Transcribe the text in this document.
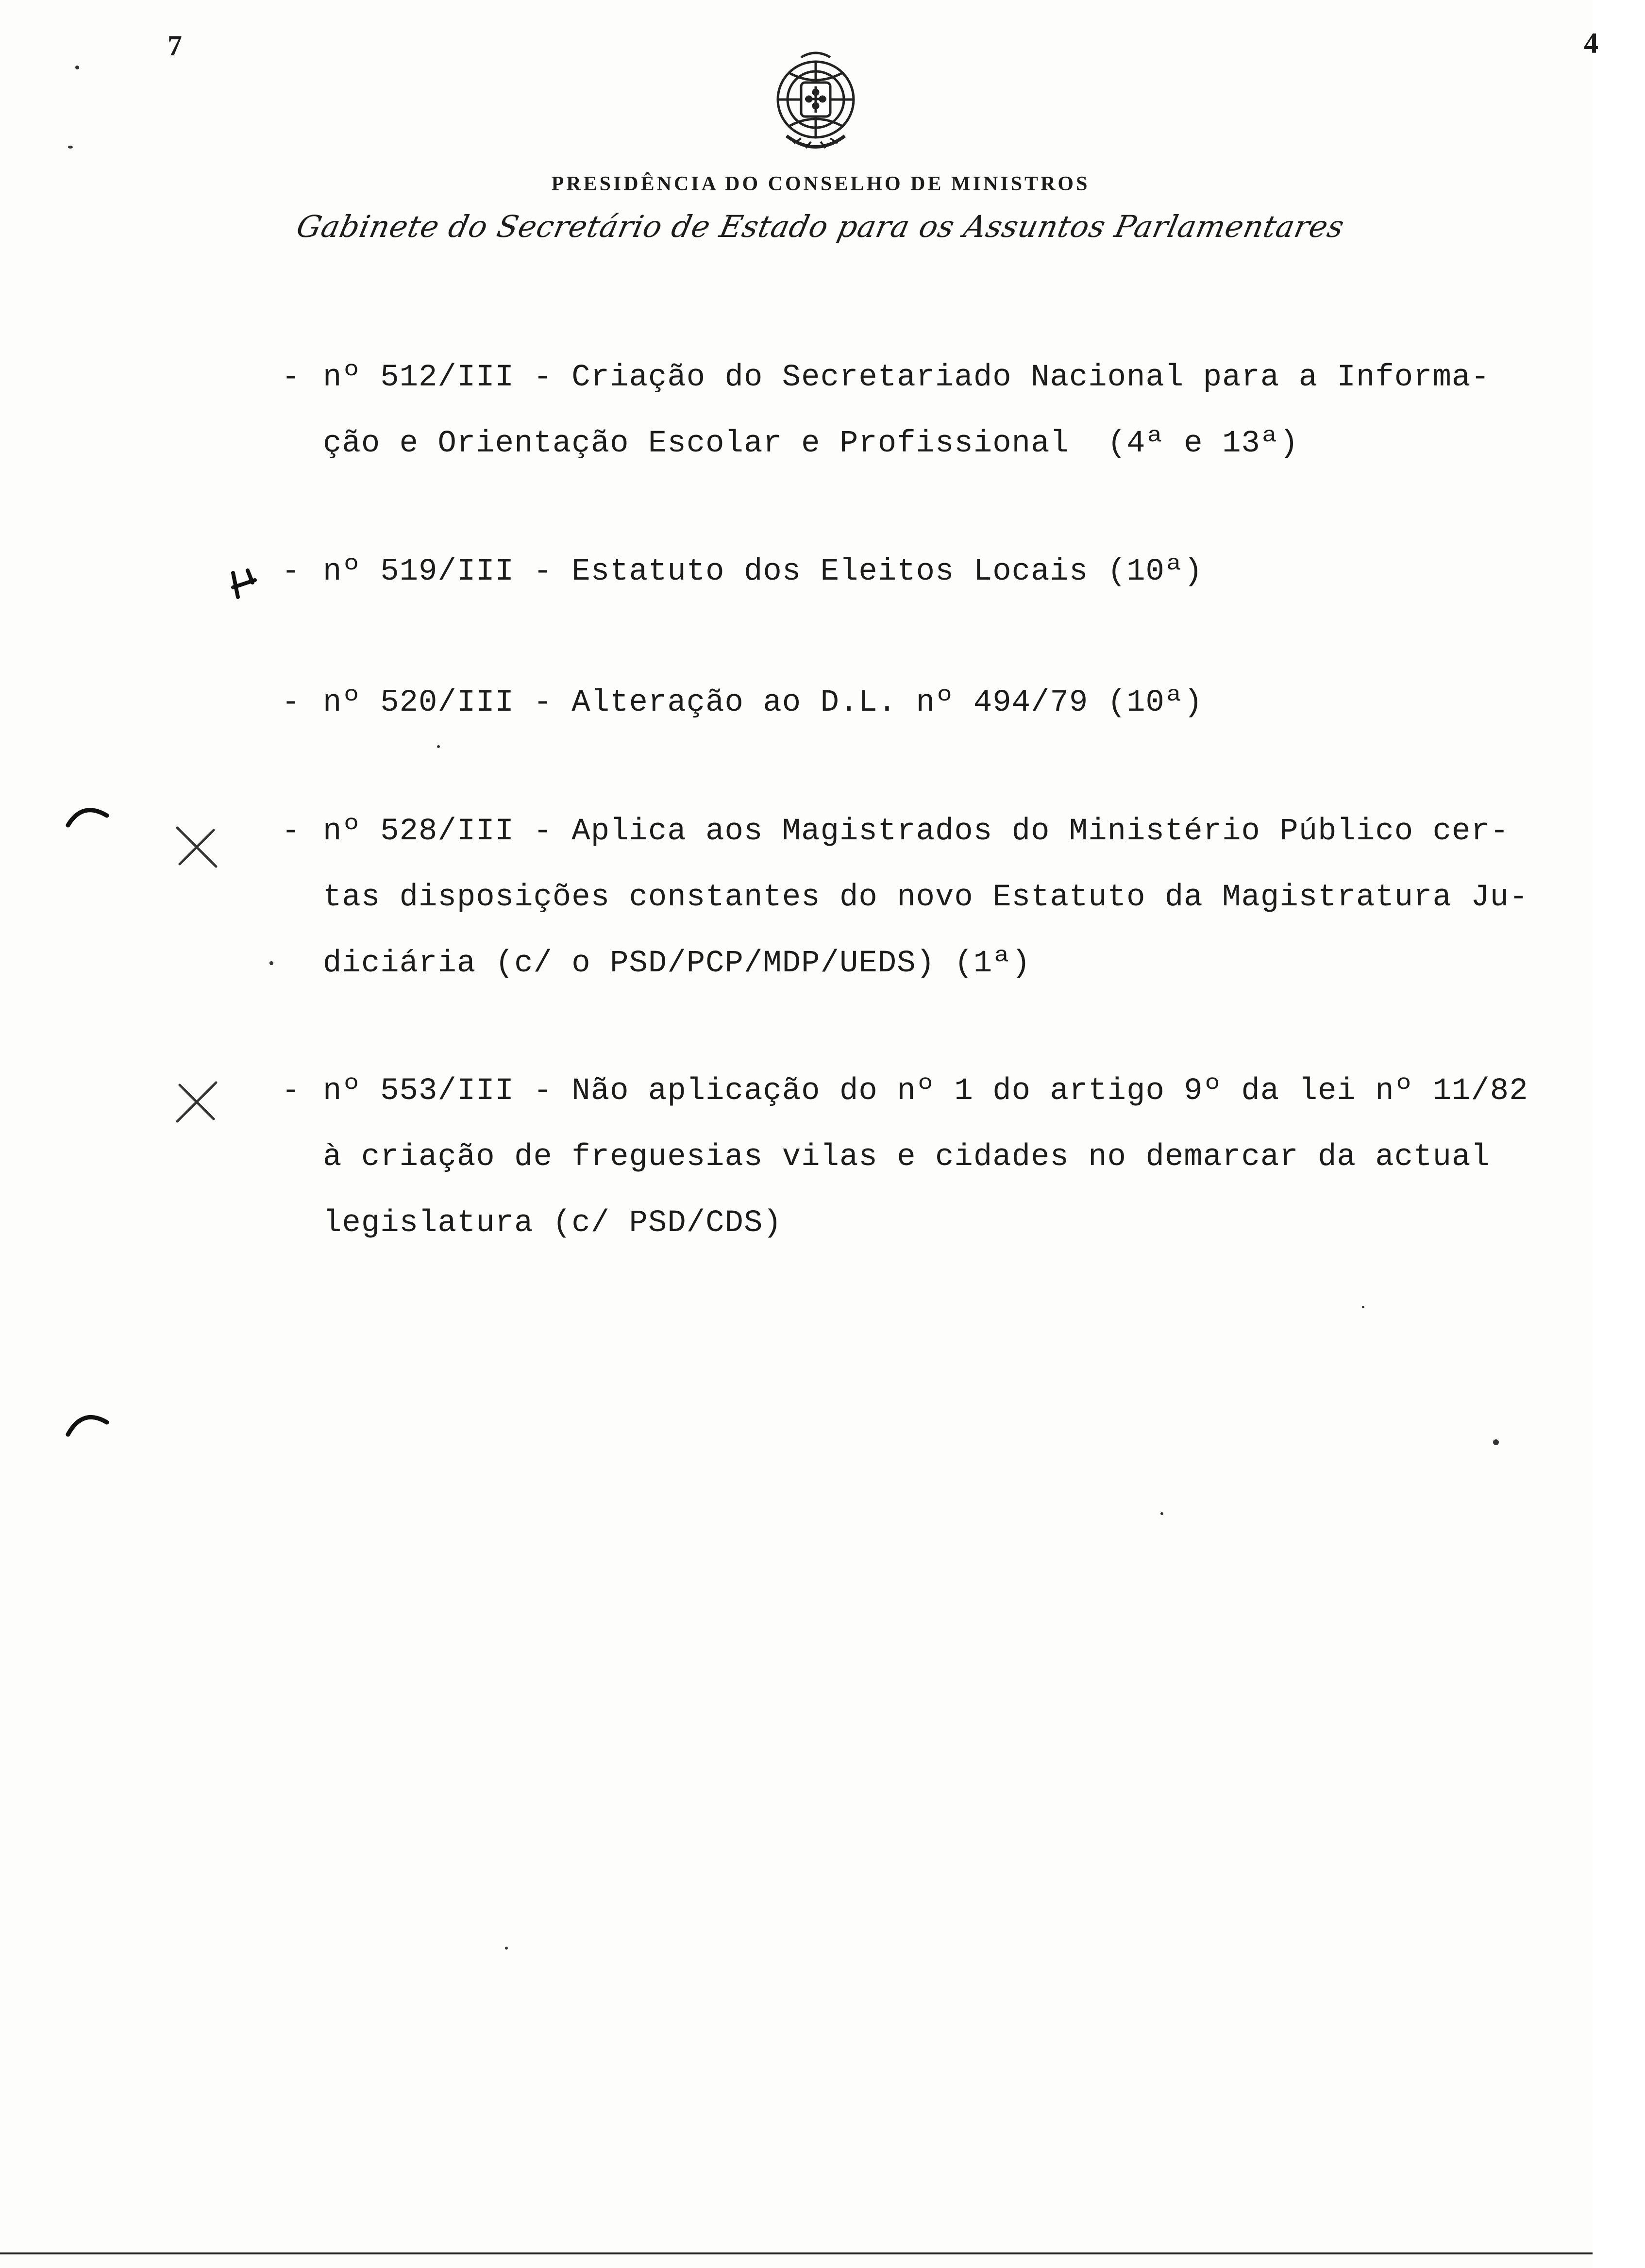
PRESIDÊNCIA DO CONSELHO DE MINISTROS
Gabinete do Secretário de Estado para os Assuntos Parlamentares
7	4
- nº 512/III - Criação do Secretariado Nacional para a Informa-
ção e Orientação Escolar e Profissional  (4ª e 13ª)
- nº 519/III - Estatuto dos Eleitos Locais (10ª)
- nº 520/III - Alteração ao D.L. nº 494/79 (10ª)
- nº 528/III - Aplica aos Magistrados do Ministério Público cer-
tas disposições constantes do novo Estatuto da Magistratura Ju-
diciária (c/ o PSD/PCP/MDP/UEDS) (1ª)
- nº 553/III - Não aplicação do nº 1 do artigo 9º da lei nº 11/82
à criação de freguesias vilas e cidades no demarcar da actual
legislatura (c/ PSD/CDS)
